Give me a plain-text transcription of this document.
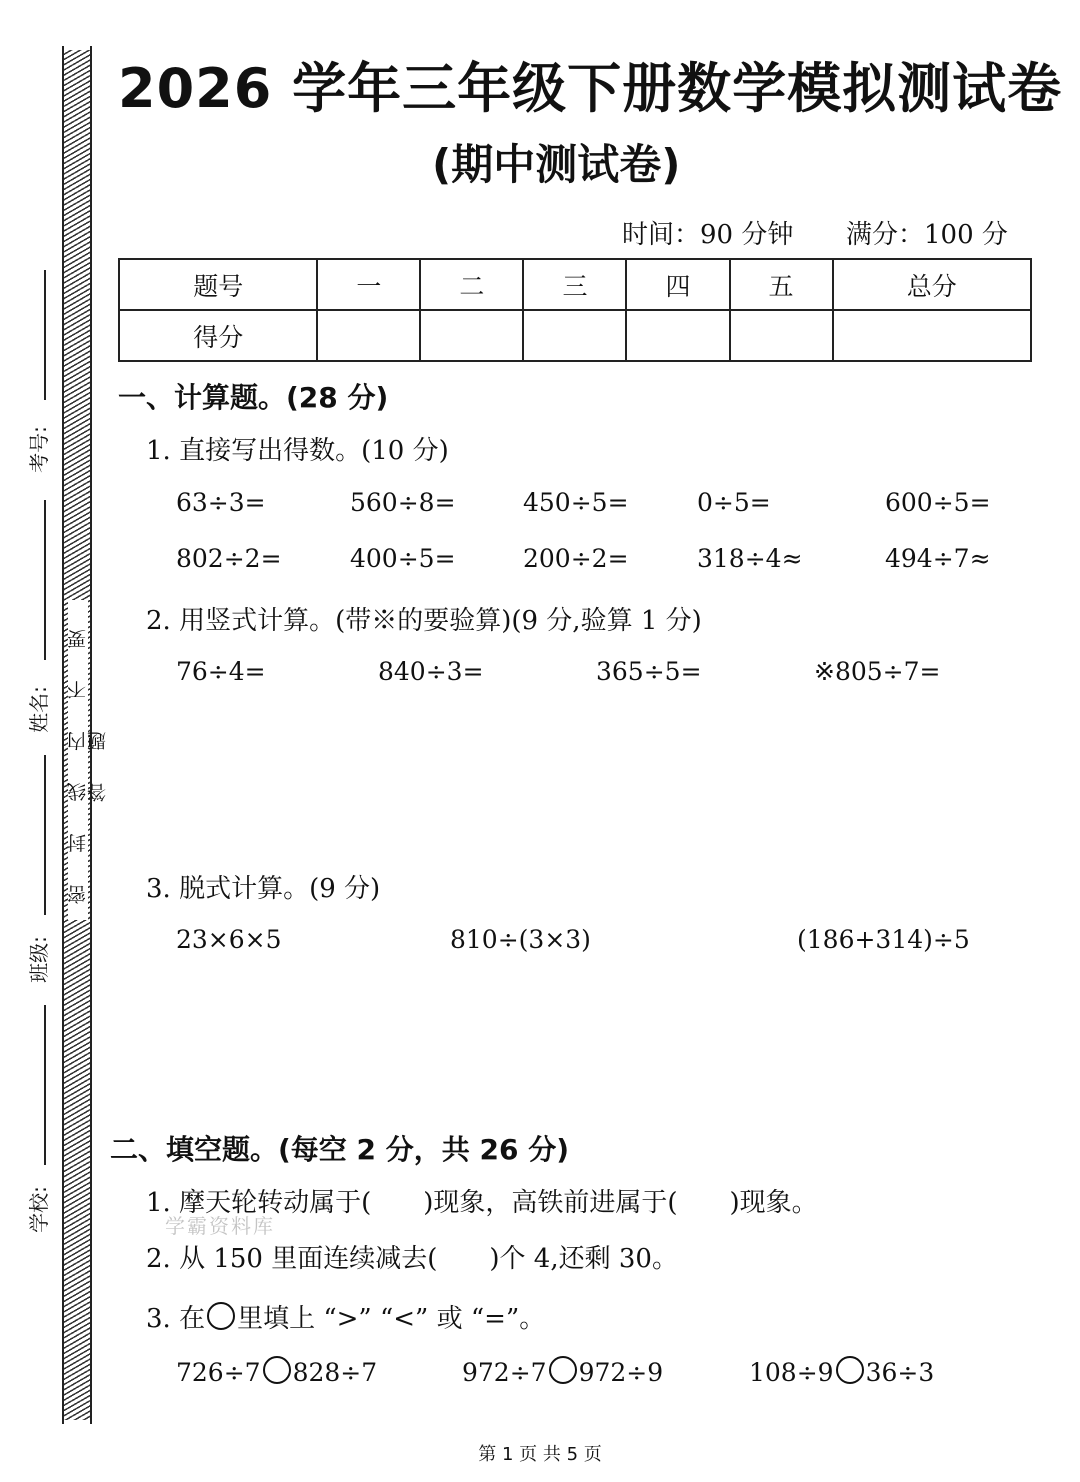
密 封 线 内 不 要 答 题
考号:
姓名:
班级:
学校:
2026 学年三年级下册数学模拟测试卷
(期中测试卷)
时间：90 分钟 满分：100 分
题号	一	二	三	四	五	总分
得分						
一、计算题。(28 分)
1. 直接写出得数。(10 分)
63÷3=	560÷8=	450÷5=	0÷5=	600÷5=
802÷2=	400÷5=	200÷2=	318÷4≈	494÷7≈
2. 用竖式计算。(带※的要验算)(9 分,验算 1 分)
76÷4=	840÷3=	365÷5=	※805÷7=
3. 脱式计算。(9 分)
23×6×5	810÷(3×3)	(186+314)÷5
二、填空题。(每空 2 分，共 26 分)
1. 摩天轮转动属于( )现象，高铁前进属于( )现象。
学霸资料库
2. 从 150 里面连续减去( )个 4,还剩 30。
3. 在 里填上 “>” “<” 或 “=”。
726÷7 828÷7	972÷7 972÷9	108÷9 36÷3
第 1 页 共 5 页
